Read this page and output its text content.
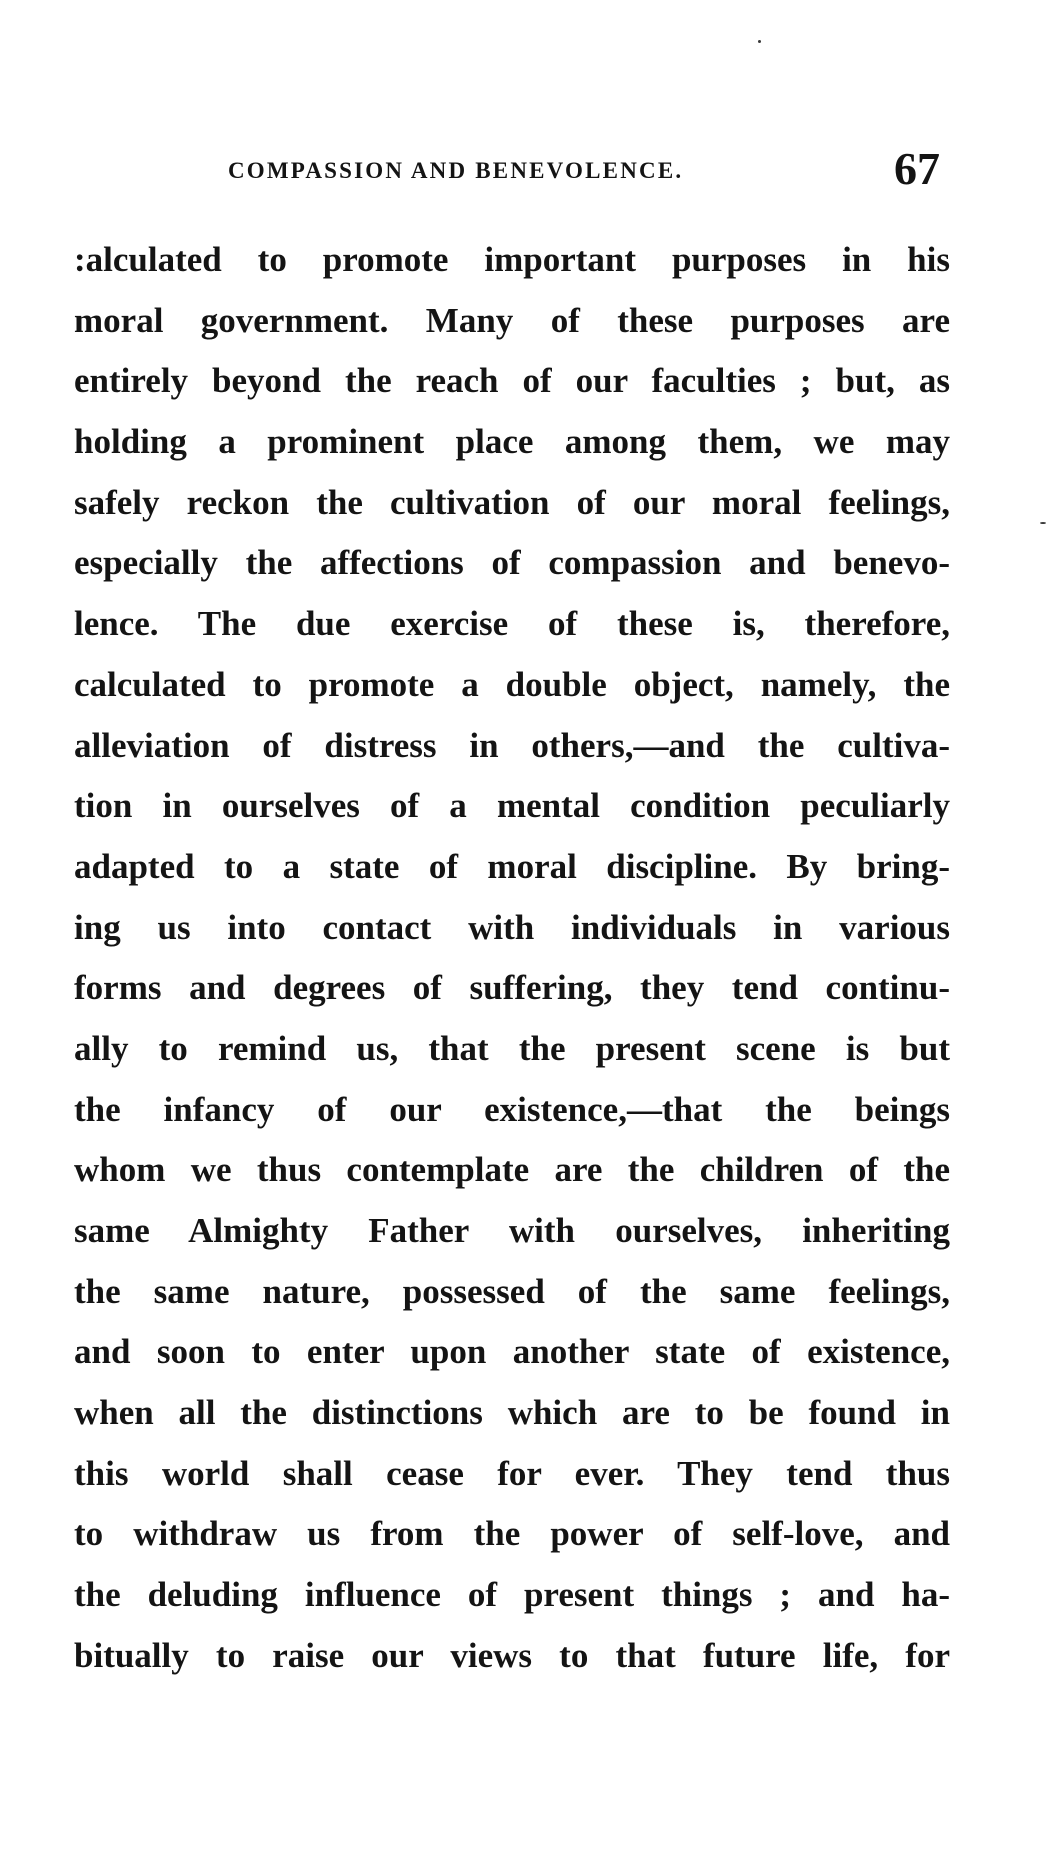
COMPASSION AND BENEVOLENCE.	67
:alculated to promote important purposes in his
moral government. Many of these purposes are
entirely beyond the reach of our faculties ; but, as
holding a prominent place among them, we may
safely reckon the cultivation of our moral feelings,
especially the affections of compassion and benevo-
lence. The due exercise of these is, therefore,
calculated to promote a double object, namely, the
alleviation of distress in others,—and the cultiva-
tion in ourselves of a mental condition peculiarly
adapted to a state of moral discipline. By bring-
ing us into contact with individuals in various
forms and degrees of suffering, they tend continu-
ally to remind us, that the present scene is but
the infancy of our existence,—that the beings
whom we thus contemplate are the children of the
same Almighty Father with ourselves, inheriting
the same nature, possessed of the same feelings,
and soon to enter upon another state of existence,
when all the distinctions which are to be found in
this world shall cease for ever. They tend thus
to withdraw us from the power of self-love, and
the deluding influence of present things ; and ha-
bitually to raise our views to that future life, for
